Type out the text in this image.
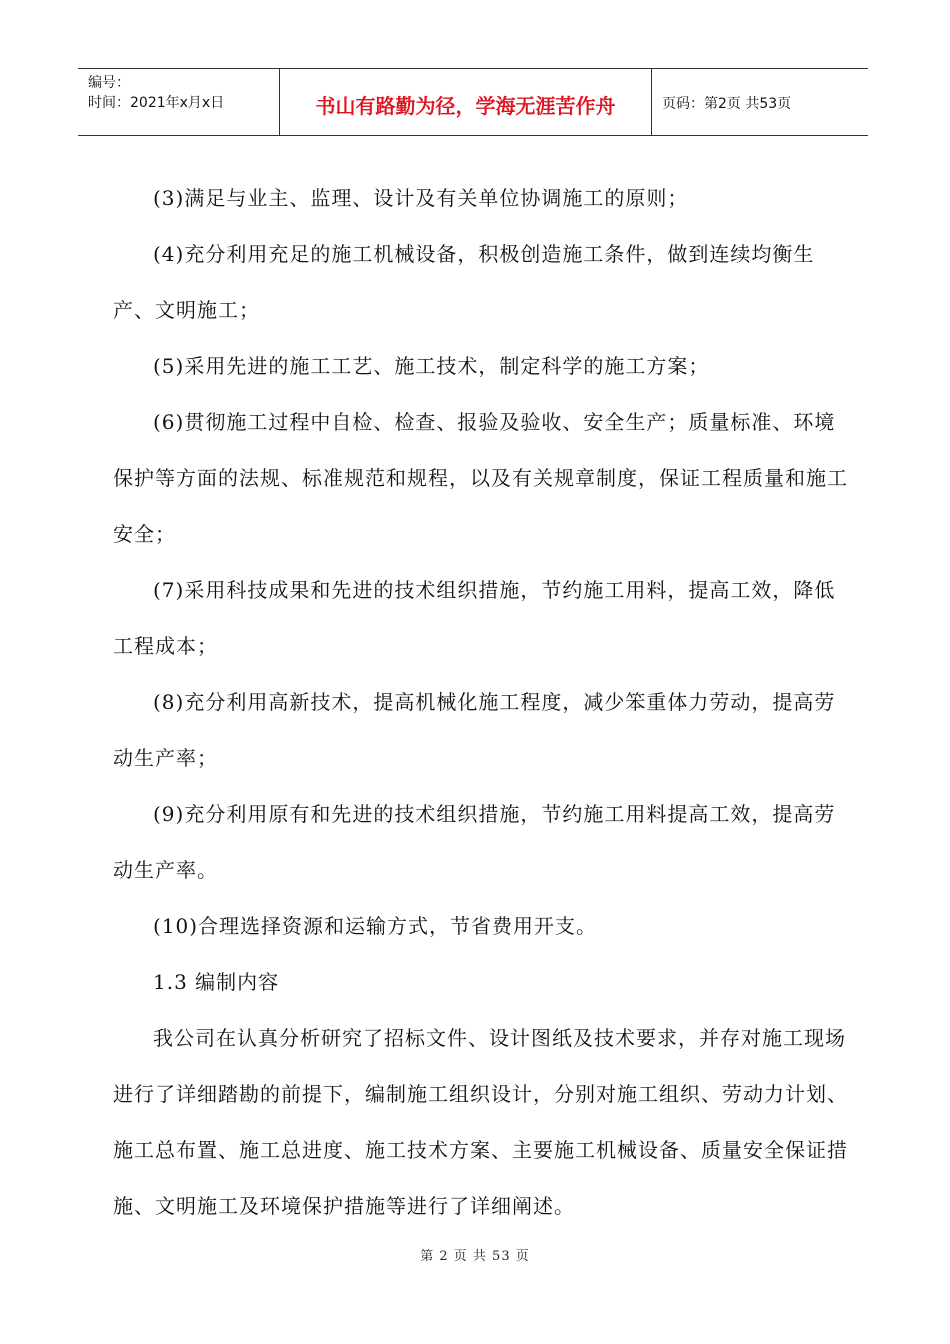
编号：
时间：2021年x月x日	书山有路勤为径，学海无涯苦作舟	页码：第2页 共53页

(3)满足与业主、监理、设计及有关单位协调施工的原则；

(4)充分利用充足的施工机械设备，积极创造施工条件，做到连续均衡生产、文明施工；

(5)采用先进的施工工艺、施工技术，制定科学的施工方案；

(6)贯彻施工过程中自检、检查、报验及验收、安全生产；质量标准、环境保护等方面的法规、标准规范和规程，以及有关规章制度，保证工程质量和施工安全；

(7)采用科技成果和先进的技术组织措施，节约施工用料，提高工效，降低工程成本；

(8)充分利用高新技术，提高机械化施工程度，减少笨重体力劳动，提高劳动生产率；

(9)充分利用原有和先进的技术组织措施，节约施工用料提高工效，提高劳动生产率。

(10)合理选择资源和运输方式，节省费用开支。

1.3 编制内容

我公司在认真分析研究了招标文件、设计图纸及技术要求，并存对施工现场进行了详细踏勘的前提下，编制施工组织设计，分别对施工组织、劳动力计划、施工总布置、施工总进度、施工技术方案、主要施工机械设备、质量安全保证措施、文明施工及环境保护措施等进行了详细阐述。

第 2 页 共 53 页
